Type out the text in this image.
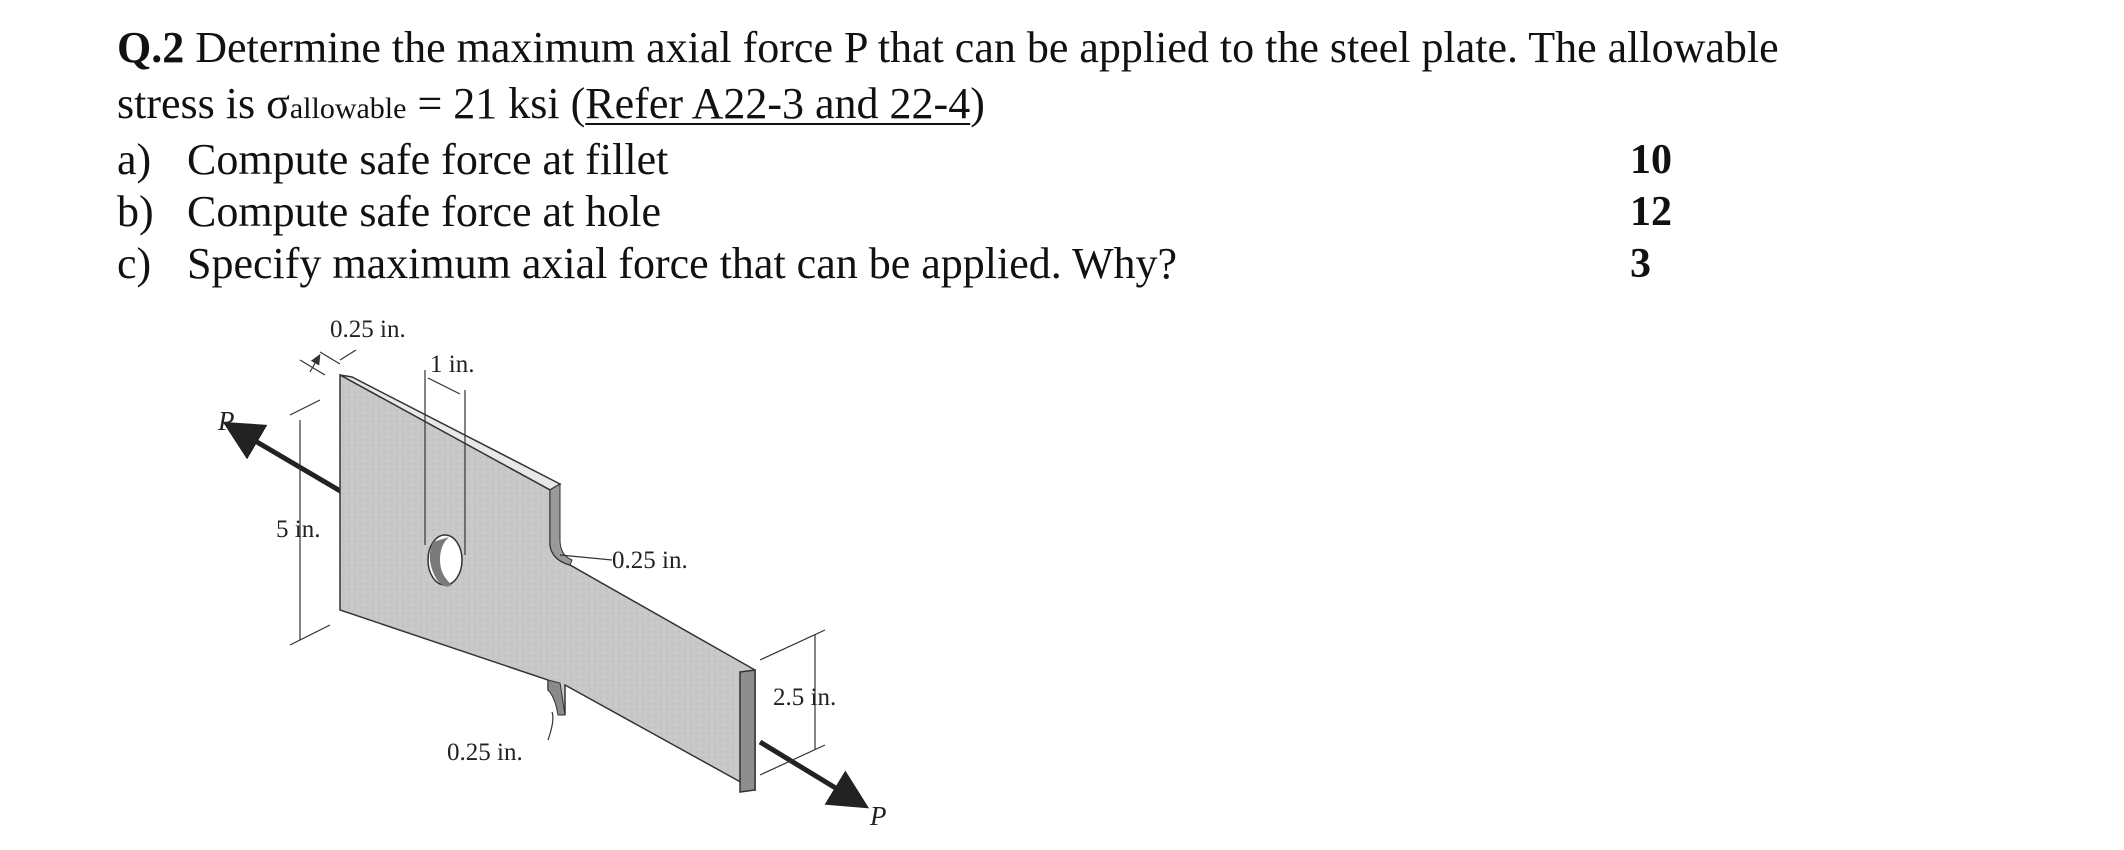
Q.2 Determine the maximum axial force P that can be applied to the steel plate. The allowable
stress is σallowable = 21 ksi (Refer A22-3 and 22-4)
a) Compute safe force at fillet
b) Compute safe force at hole
c) Specify maximum axial force that can be applied. Why?
10
12
3
0.25 in.
1 in.
5 in.
0.25 in.
0.25 in.
2.5 in.
P
P
